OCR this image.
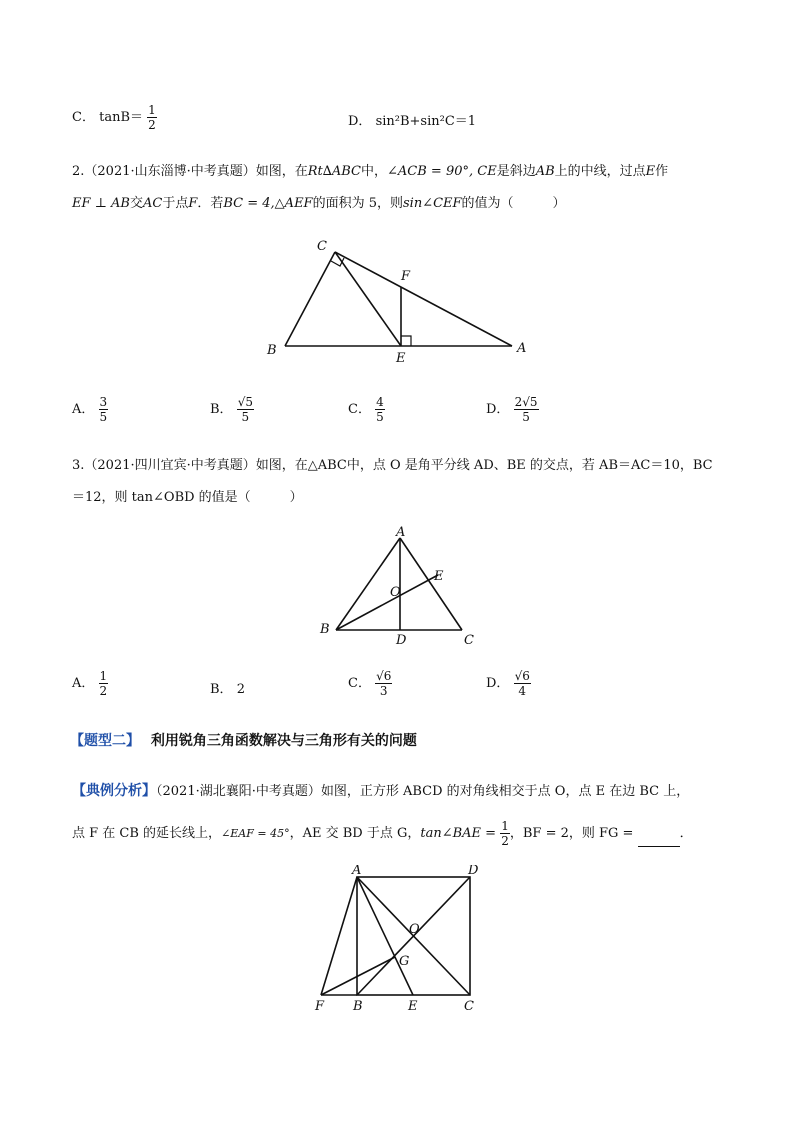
C． $\tan B= \frac{1}{2}$	D． sin²B+sin²C＝1
2.（2021·山东淄博·中考真题）如图，在Rt∆ABC中，∠ACB = 90°, CE是斜边AB上的中线，过点E作
EF ⊥ AB交AC于点F．若BC = 4,△AEF的面积为 5，则sin∠CEF的值为（　　　）
C
F
B
E
A
A． $\frac{3}{5}$	B． $\frac{√5}{5}$	C． $\frac{4}{5}$	D． $\frac{2√5}{5}$
3.（2021·四川宜宾·中考真题）如图，在△ABC中，点 O 是角平分线 AD、BE 的交点，若 AB＝AC＝10，BC
＝12，则 tan∠OBD 的值是（　　　）
A
E
O
B
D	C
A． $\frac{1}{2}$	B． 2	C． $\frac{√6}{3}$	D． $\frac{√6}{4}$
【题型二】 利用锐角三角函数解决与三角形有关的问题
【典例分析】（2021·湖北襄阳·中考真题）如图，正方形 ABCD 的对角线相交于点 O，点 E 在边 BC 上，
点 F 在 CB 的延长线上，∠EAF = 45°，AE 交 BD 于点 G，tan∠BAE = $\frac{1}{2}$ ，BF = 2，则 FG =	．
A	D
O
G
F B	E	C
